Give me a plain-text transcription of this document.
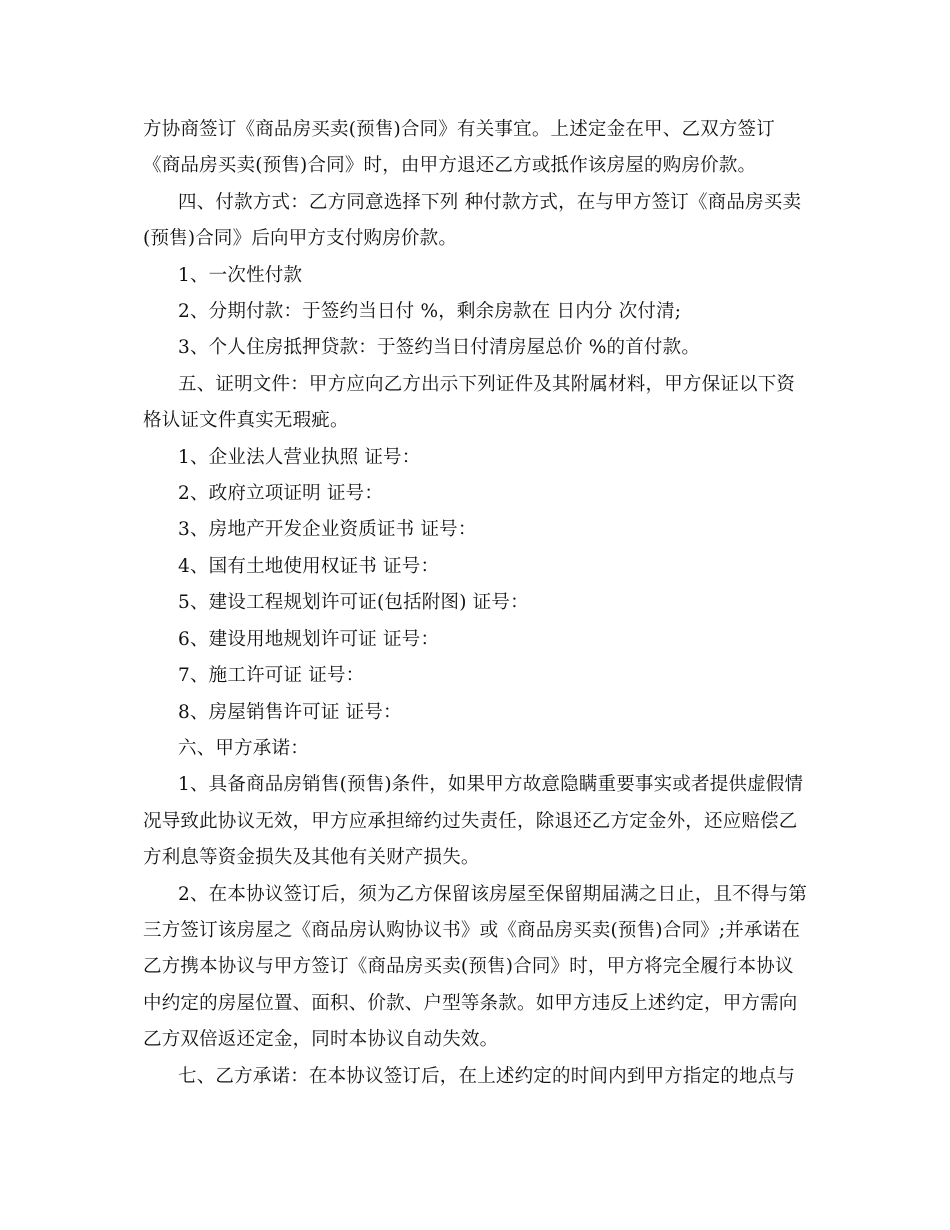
方协商签订《商品房买卖(预售)合同》有关事宜。上述定金在甲、乙双方签订
《商品房买卖(预售)合同》时，由甲方退还乙方或抵作该房屋的购房价款。
四、付款方式：乙方同意选择下列 种付款方式，在与甲方签订《商品房买卖
(预售)合同》后向甲方支付购房价款。
1、一次性付款
2、分期付款：于签约当日付 %，剩余房款在 日内分 次付清;
3、个人住房抵押贷款：于签约当日付清房屋总价 %的首付款。
五、证明文件：甲方应向乙方出示下列证件及其附属材料，甲方保证以下资
格认证文件真实无瑕疵。
1、企业法人营业执照 证号：
2、政府立项证明 证号：
3、房地产开发企业资质证书 证号：
4、国有土地使用权证书 证号：
5、建设工程规划许可证(包括附图) 证号：
6、建设用地规划许可证 证号：
7、施工许可证 证号：
8、房屋销售许可证 证号：
六、甲方承诺：
1、具备商品房销售(预售)条件，如果甲方故意隐瞒重要事实或者提供虚假情
况导致此协议无效，甲方应承担缔约过失责任，除退还乙方定金外，还应赔偿乙
方利息等资金损失及其他有关财产损失。
2、在本协议签订后，须为乙方保留该房屋至保留期届满之日止，且不得与第
三方签订该房屋之《商品房认购协议书》或《商品房买卖(预售)合同》;并承诺在
乙方携本协议与甲方签订《商品房买卖(预售)合同》时，甲方将完全履行本协议
中约定的房屋位置、面积、价款、户型等条款。如甲方违反上述约定，甲方需向
乙方双倍返还定金，同时本协议自动失效。
七、乙方承诺：在本协议签订后，在上述约定的时间内到甲方指定的地点与
